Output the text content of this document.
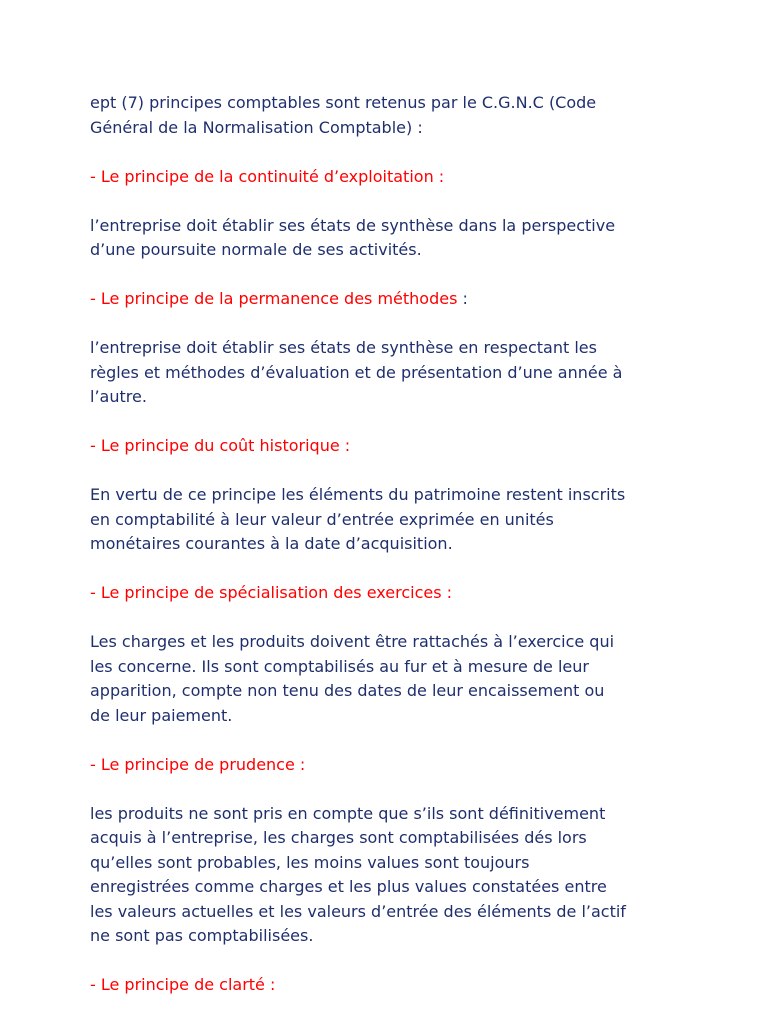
ept (7) principes comptables sont retenus par le C.G.N.C (Code
Général de la Normalisation Comptable) :

- Le principe de la continuité d’exploitation :

l’entreprise doit établir ses états de synthèse dans la perspective
d’une poursuite normale de ses activités.

- Le principe de la permanence des méthodes :

l’entreprise doit établir ses états de synthèse en respectant les
règles et méthodes d’évaluation et de présentation d’une année à
l’autre.

- Le principe du coût historique :

En vertu de ce principe les éléments du patrimoine restent inscrits
en comptabilité à leur valeur d’entrée exprimée en unités
monétaires courantes à la date d’acquisition.

- Le principe de spécialisation des exercices :

Les charges et les produits doivent être rattachés à l’exercice qui
les concerne. Ils sont comptabilisés au fur et à mesure de leur
apparition, compte non tenu des dates de leur encaissement ou
de leur paiement.

- Le principe de prudence :

les produits ne sont pris en compte que s’ils sont définitivement
acquis à l’entreprise, les charges sont comptabilisées dés lors
qu’elles sont probables, les moins values sont toujours
enregistrées comme charges et les plus values constatées entre
les valeurs actuelles et les valeurs d’entrée des éléments de l’actif
ne sont pas comptabilisées.

- Le principe de clarté :
